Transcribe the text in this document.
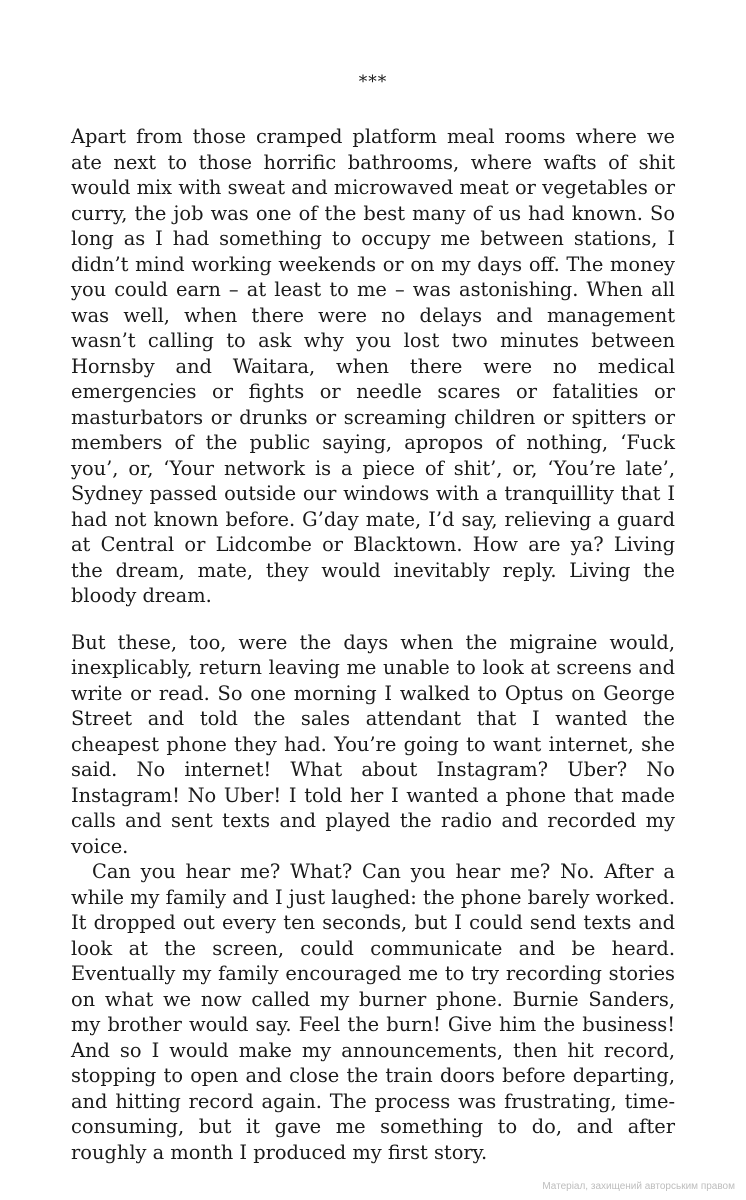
***

Apart from those cramped platform meal rooms where we ate next to those horrific bathrooms, where wafts of shit would mix with sweat and microwaved meat or vegetables or curry, the job was one of the best many of us had known. So long as I had something to occupy me between stations, I didn’t mind working weekends or on my days off. The money you could earn – at least to me – was astonishing. When all was well, when there were no delays and management wasn’t calling to ask why you lost two minutes between Hornsby and Waitara, when there were no medical emergencies or fights or needle scares or fatalities or masturbators or drunks or screaming children or spitters or members of the public saying, apropos of nothing, ‘Fuck you’, or, ‘Your network is a piece of shit’, or, ‘You’re late’, Sydney passed outside our windows with a tranquillity that I had not known before. G’day mate, I’d say, relieving a guard at Central or Lidcombe or Blacktown. How are ya? Living the dream, mate, they would inevitably reply. Living the bloody dream.

But these, too, were the days when the migraine would, inexplicably, return leaving me unable to look at screens and write or read. So one morning I walked to Optus on George Street and told the sales attendant that I wanted the cheapest phone they had. You’re going to want internet, she said. No internet! What about Instagram? Uber? No Instagram! No Uber! I told her I wanted a phone that made calls and sent texts and played the radio and recorded my voice.

Can you hear me? What? Can you hear me? No. After a while my family and I just laughed: the phone barely worked. It dropped out every ten seconds, but I could send texts and look at the screen, could communicate and be heard. Eventually my family encouraged me to try recording stories on what we now called my burner phone. Burnie Sanders, my brother would say. Feel the burn! Give him the business! And so I would make my announcements, then hit record, stopping to open and close the train doors before departing, and hitting record again. The process was frustrating, time-consuming, but it gave me something to do, and after roughly a month I produced my first story.

Матеріал, захищений авторським правом
